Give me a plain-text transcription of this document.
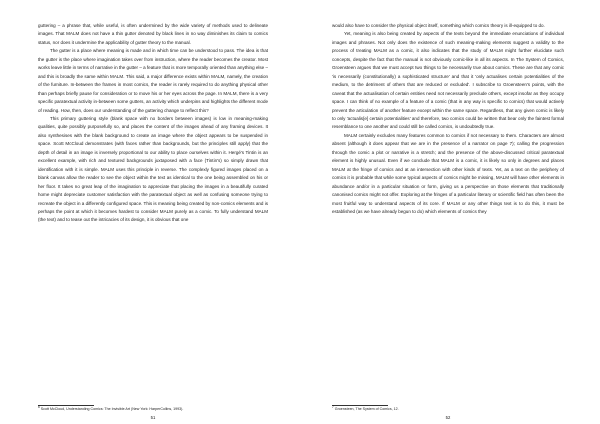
guttering – a phrase that, while useful, is often undermined by the wide variety of methods used to delineate images. That MALM does not have a thin gutter denoted by black lines in no way diminishes its claim to comics status, nor does it undermine the applicability of gutter theory to the manual.

The gutter is a place where meaning is made and in which time can be understood to pass. The idea is that the gutter is the place where imagination takes over from instruction, where the reader becomes the creator. Most works leave little in terms of narrative in the gutter – a feature that is more temporally oriented than anything else – and this is broadly the same within MALM. This said, a major difference exists within MALM, namely, the creation of the furniture. In-between the frames in most comics, the reader is rarely required to do anything physical other than perhaps briefly pause for consideration or to move his or her eyes across the page. In MALM, there is a very specific paratextual activity in-between some gutters, an activity which underpins and highlights the different mode of reading. How, then, does our understanding of the guttering change to reflect this?

This primary guttering style (blank space with no borders between images) is low in meaning-making qualities, quite possibly purposefully so, and places the content of the images ahead of any framing devices. It also synthesises with the blank background to create an image where the object appears to be suspended in space. Scott McCloud demonstrates (with faces rather than backgrounds, but the principles still apply) that the depth of detail in an image is inversely proportional to our ability to place ourselves within it. Hergé's Tintin is an excellent example, with rich and textured backgrounds juxtaposed with a face (Tintin's) so simply drawn that identification with it is simple. MALM uses this principle in reverse. The complexly figured images placed on a blank canvas allow the reader to see the object within the text as identical to the one being assembled on his or her floor. It takes no great leap of the imagination to appreciate that placing the images in a beautifully curated home might depreciate customer satisfaction with the paratextual object as well as confusing someone trying to recreate the object in a differently configured space. This is meaning being created by non-comics elements and is perhaps the point at which it becomes hardest to consider MALM purely as a comic. To fully understand MALM (the text) and to tease out the intricacies of its design, it is obvious that one

6 Scott McCloud, Understanding Comics: The Invisible Art (New York: HarperCollins, 1993).
51

would also have to consider the physical object itself, something which comics theory is ill-equipped to do.

Yet, meaning is also being created by aspects of the texts beyond the immediate enunciations of individual images and phrases. Not only does the existence of such meaning-making elements suggest a validity to the process of treating MALM as a comic, it also indicates that the study of MALM might further elucidate such concepts, despite the fact that the manual is not obviously comic-like in all its aspects. In The System of Comics, Groensteen argues that we must accept two things to be necessarily true about comics. These are that any comic 'is necessarily (constitutionally) a sophisticated structure' and that it 'only actualises certain potentialities of the medium, to the detriment of others that are reduced or excluded'. I subscribe to Groensteen's points, with the caveat that the actualisation of certain entities need not necessarily preclude others, except insofar as they occupy space. I can think of no example of a feature of a comic (that in any way is specific to comics) that would actively prevent the articulation of another feature except within the same space. Regardless, that any given comic is likely to only 'actualis[e] certain potentialities' and therefore, two comics could be written that bear only the faintest formal resemblance to one another and could still be called comics, is undoubtedly true.

MALM certainly excludes many features common to comics if not necessary to them. Characters are almost absent (although it does appear that we are in the presence of a narrator on page 7); calling the progression through the comic a plot or narrative is a stretch; and the presence of the above-discussed critical paratextual element is highly unusual. Even if we conclude that MALM is a comic, it is likely so only in degrees and places MALM at the fringe of comics and at an intersection with other kinds of texts. Yet, as a text on the periphery of comics it is probable that while some typical aspects of comics might be missing, MALM will have other elements in abundance and/or in a particular situation or form, giving us a perspective on those elements that traditionally canonised comics might not offer. Exploring at the fringes of a particular literary or scientific field has often been the most fruitful way to understand aspects of its core. If MALM or any other things text is to do this, it must be established (as we have already begun to do) which elements of comics they

7 Groensteen, The System of Comics, 12.
52
